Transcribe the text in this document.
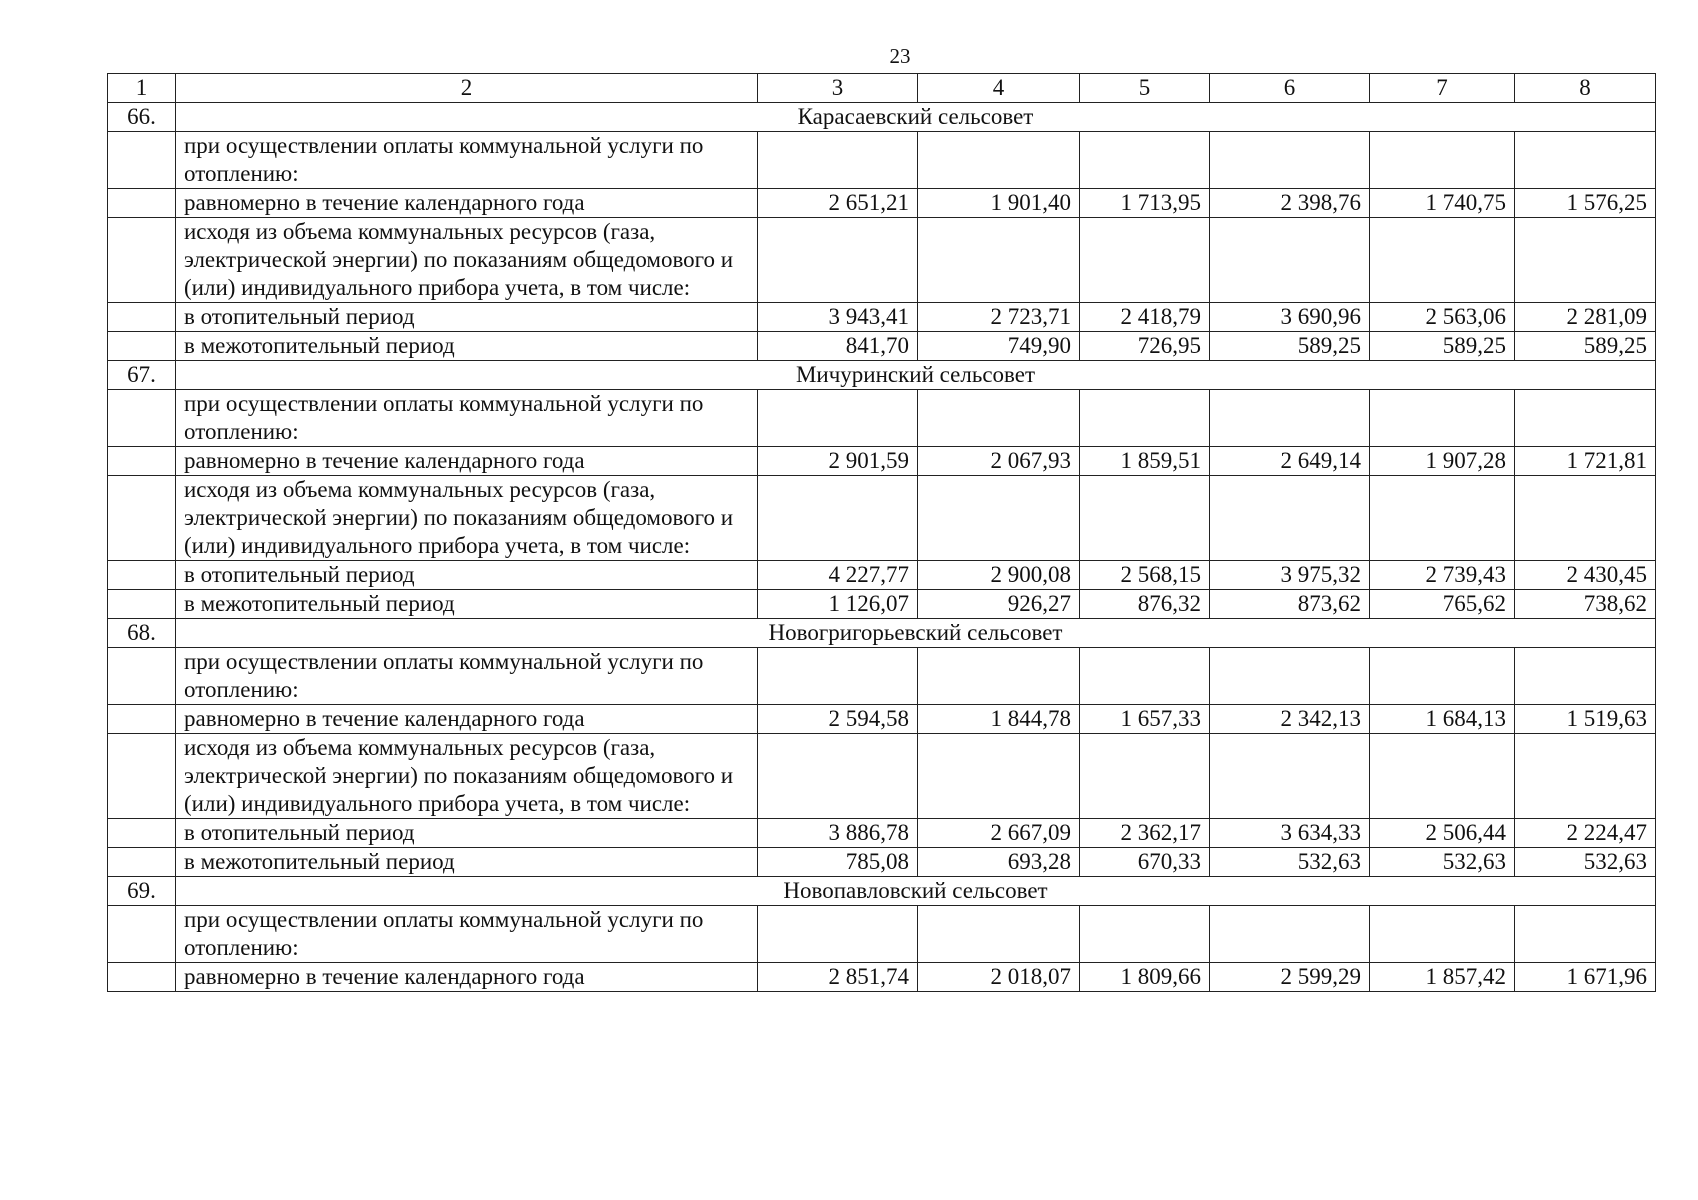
23
1	2	3	4	5	6	7	8
66.	Карасаевский сельсовет						
	при осуществлении оплаты коммунальной услуги по отоплению:						
	равномерно в течение календарного года	2 651,21	1 901,40	1 713,95	2 398,76	1 740,75	1 576,25
	исходя из объема коммунальных ресурсов (газа, электрической энергии) по показаниям общедомового и (или) индивидуального прибора учета, в том числе:						
	в отопительный период	3 943,41	2 723,71	2 418,79	3 690,96	2 563,06	2 281,09
	в межотопительный период	841,70	749,90	726,95	589,25	589,25	589,25
67.	Мичуринский сельсовет						
	при осуществлении оплаты коммунальной услуги по отоплению:						
	равномерно в течение календарного года	2 901,59	2 067,93	1 859,51	2 649,14	1 907,28	1 721,81
	исходя из объема коммунальных ресурсов (газа, электрической энергии) по показаниям общедомового и (или) индивидуального прибора учета, в том числе:						
	в отопительный период	4 227,77	2 900,08	2 568,15	3 975,32	2 739,43	2 430,45
	в межотопительный период	1 126,07	926,27	876,32	873,62	765,62	738,62
68.	Новогригорьевский сельсовет						
	при осуществлении оплаты коммунальной услуги по отоплению:						
	равномерно в течение календарного года	2 594,58	1 844,78	1 657,33	2 342,13	1 684,13	1 519,63
	исходя из объема коммунальных ресурсов (газа, электрической энергии) по показаниям общедомового и (или) индивидуального прибора учета, в том числе:						
	в отопительный период	3 886,78	2 667,09	2 362,17	3 634,33	2 506,44	2 224,47
	в межотопительный период	785,08	693,28	670,33	532,63	532,63	532,63
69.	Новопавловский сельсовет						
	при осуществлении оплаты коммунальной услуги по отоплению:						
	равномерно в течение календарного года	2 851,74	2 018,07	1 809,66	2 599,29	1 857,42	1 671,96
